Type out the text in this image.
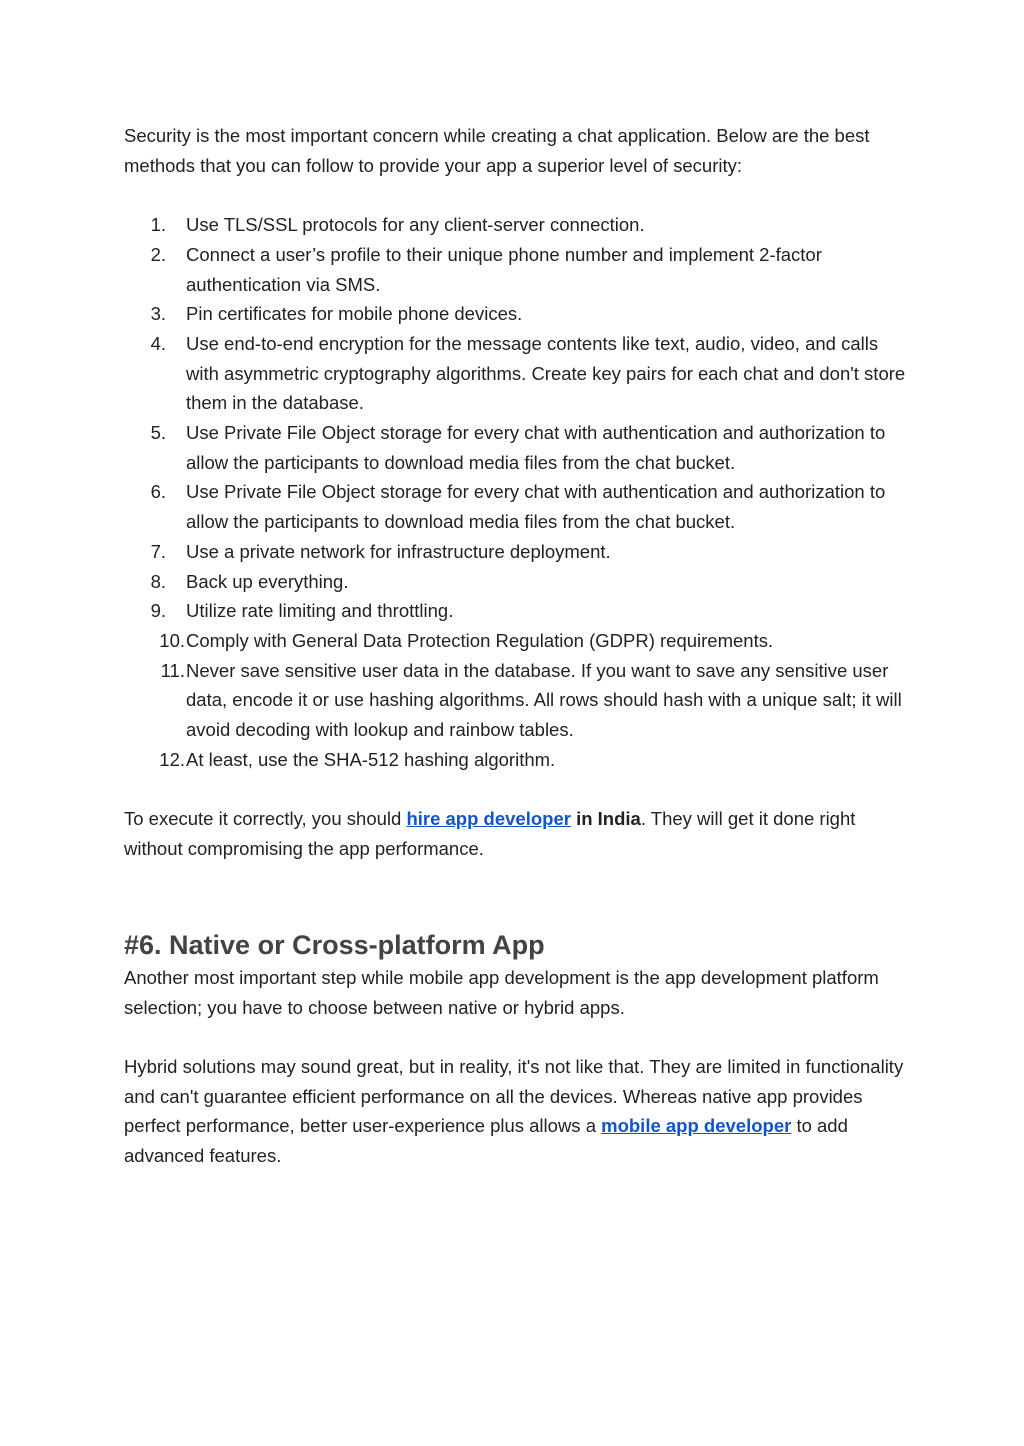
Security is the most important concern while creating a chat application. Below are the best methods that you can follow to provide your app a superior level of security:

1.	Use TLS/SSL protocols for any client-server connection.
2.	Connect a user’s profile to their unique phone number and implement 2-factor authentication via SMS.
3.	Pin certificates for mobile phone devices.
4.	Use end-to-end encryption for the message contents like text, audio, video, and calls with asymmetric cryptography algorithms. Create key pairs for each chat and don't store them in the database.
5.	Use Private File Object storage for every chat with authentication and authorization to allow the participants to download media files from the chat bucket.
6.	Use Private File Object storage for every chat with authentication and authorization to allow the participants to download media files from the chat bucket.
7.	Use a private network for infrastructure deployment.
8.	Back up everything.
9.	Utilize rate limiting and throttling.
10. Comply with General Data Protection Regulation (GDPR) requirements.
11. Never save sensitive user data in the database. If you want to save any sensitive user data, encode it or use hashing algorithms. All rows should hash with a unique salt; it will avoid decoding with lookup and rainbow tables.
12. At least, use the SHA-512 hashing algorithm.

To execute it correctly, you should hire app developer in India. They will get it done right without compromising the app performance.

#6. Native or Cross-platform App

Another most important step while mobile app development is the app development platform selection; you have to choose between native or hybrid apps.

Hybrid solutions may sound great, but in reality, it's not like that. They are limited in functionality and can't guarantee efficient performance on all the devices. Whereas native app provides perfect performance, better user-experience plus allows a mobile app developer to add advanced features.
